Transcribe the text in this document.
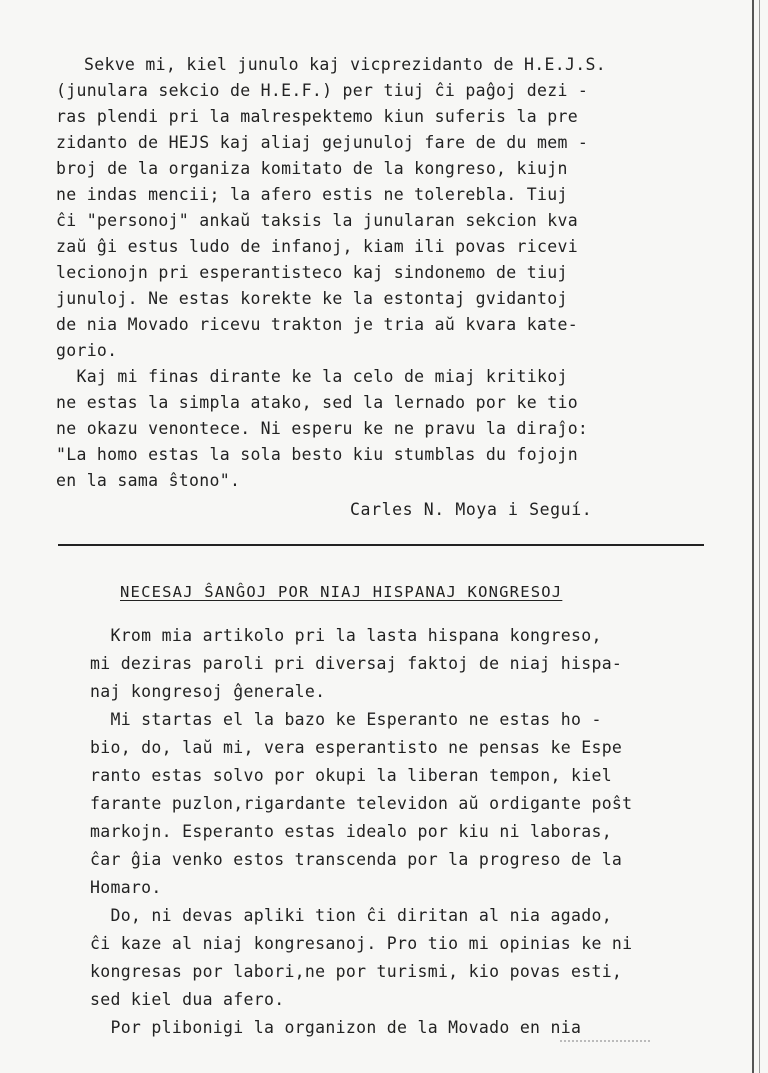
Sekve mi, kiel junulo kaj vicprezidanto de H.E.J.S.
(junulara sekcio de H.E.F.) per tiuj ĉi paĝoj dezi -
ras plendi pri la malrespektemo kiun suferis la pre
zidanto de HEJS kaj aliaj gejunuloj fare de du mem -
broj de la organiza komitato de la kongreso, kiujn
ne indas mencii; la afero estis ne tolerebla. Tiuj
ĉi "personoj" ankaŭ taksis la junularan sekcion kva
zaŭ ĝi estus ludo de infanoj, kiam ili povas ricevi
lecionojn pri esperantisteco kaj sindonemo de tiuj
junuloj. Ne estas korekte ke la estontaj gvidantoj
de nia Movado ricevu trakton je tria aŭ kvara kate-
gorio.
Kaj mi finas dirante ke la celo de miaj kritikoj
ne estas la simpla atako, sed la lernado por ke tio
ne okazu venontece. Ni esperu ke ne pravu la diraĵo:
"La homo estas la sola besto kiu stumblas du fojojn
en la sama ŝtono".
Carles N. Moya i Seguí.
NECESAJ ŜANĜOJ POR NIAJ HISPANAJ KONGRESOJ
Krom mia artikolo pri la lasta hispana kongreso,
mi deziras paroli pri diversaj faktoj de niaj hispa-
naj kongresoj ĝenerale.
Mi startas el la bazo ke Esperanto ne estas ho -
bio, do, laŭ mi, vera esperantisto ne pensas ke Espe
ranto estas solvo por okupi la liberan tempon, kiel
farante puzlon,rigardante televidon aŭ ordigante poŝt
markojn. Esperanto estas idealo por kiu ni laboras,
ĉar ĝia venko estos transcenda por la progreso de la
Homaro.
Do, ni devas apliki tion ĉi diritan al nia agado,
ĉi kaze al niaj kongresanoj. Pro tio mi opinias ke ni
kongresas por labori,ne por turismi, kio povas esti,
sed kiel dua afero.
Por plibonigi la organizon de la Movado en nia
